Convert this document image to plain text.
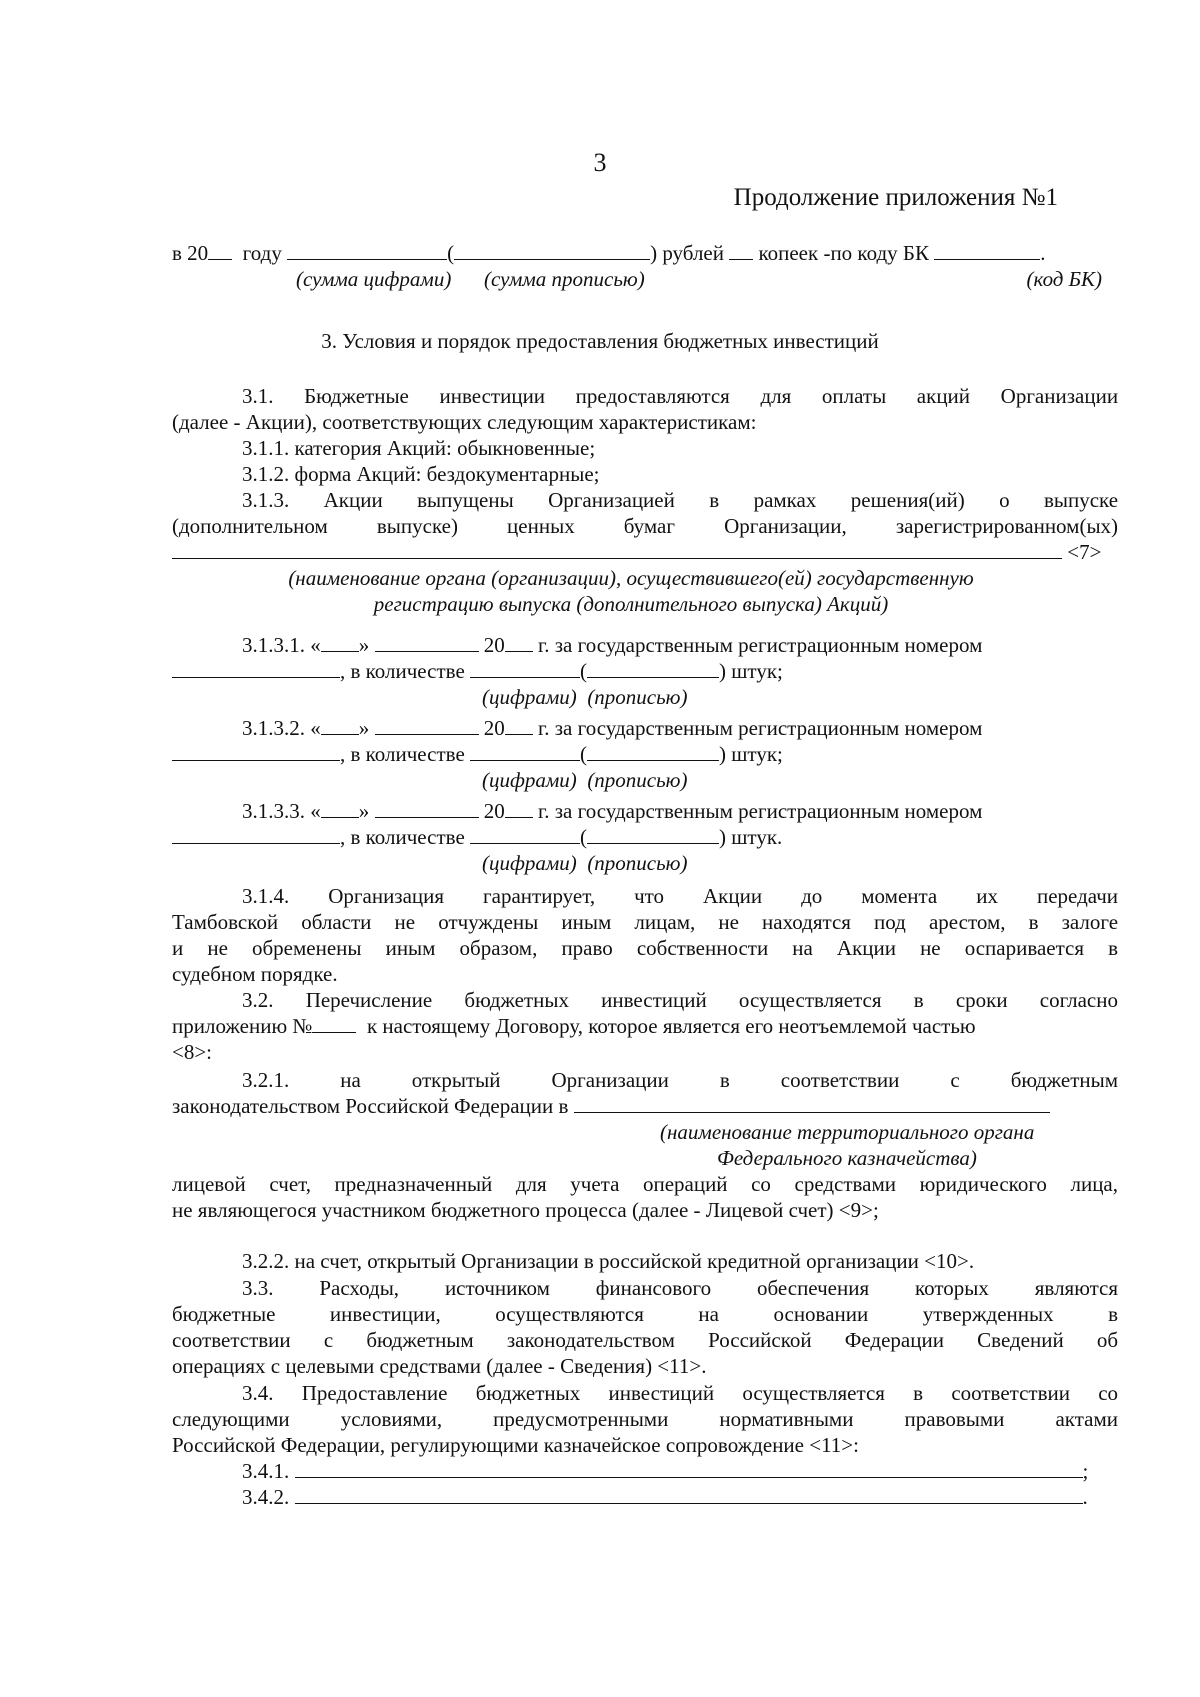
3
Продолжение приложения №1
в 20 году	(	) рублей копеек -по коду БК	.
(сумма цифрами) (сумма прописью)	(код БК)
3. Условия и порядок предоставления бюджетных инвестиций
3.1. Бюджетные инвестиции предоставляются для оплаты акций Организации
(далее - Акции), соответствующих следующим характеристикам:
3.1.1. категория Акций: обыкновенные;
3.1.2. форма Акций: бездокументарные;
3.1.3. Акции выпущены Организацией в рамках решения(ий) о выпуске
(дополнительном выпуске) ценных бумаг Организации, зарегистрированном(ых)
<7>
(наименование органа (организации), осуществившего(ей) государственную
регистрацию выпуска (дополнительного выпуска) Акций)
3.1.3.1. « »	20 г. за государственным регистрационным номером
, в количестве	(	) штук;
(цифрами) (прописью)
3.1.3.2. « »	20 г. за государственным регистрационным номером
, в количестве	(	) штук;
(цифрами) (прописью)
3.1.3.3. « »	20 г. за государственным регистрационным номером
, в количестве	(	) штук.
(цифрами) (прописью)
3.1.4. Организация гарантирует, что Акции до момента их передачи
Тамбовской области не отчуждены иным лицам, не находятся под арестом, в залоге
и не обременены иным образом, право собственности на Акции не оспаривается в
судебном порядке.
3.2. Перечисление бюджетных инвестиций осуществляется в сроки согласно
приложению №	к настоящему Договору, которое является его неотъемлемой частью
<8>:
3.2.1. на открытый Организации в соответствии с бюджетным
законодательством Российской Федерации в
(наименование территориального органа
Федерального казначейства)
лицевой счет, предназначенный для учета операций со средствами юридического лица,
не являющегося участником бюджетного процесса (далее - Лицевой счет) <9>;
3.2.2. на счет, открытый Организации в российской кредитной организации <10>.
3.3. Расходы, источником финансового обеспечения которых являются
бюджетные	инвестиции,	осуществляются	на	основании	утвержденных	в
соответствии с бюджетным законодательством Российской Федерации Сведений об
операциях с целевыми средствами (далее - Сведения) <11>.
3.4. Предоставление бюджетных инвестиций осуществляется в соответствии со
следующими условиями, предусмотренными нормативными правовыми актами
Российской Федерации, регулирующими казначейское сопровождение <11>:
3.4.1.	;
3.4.2.	.
